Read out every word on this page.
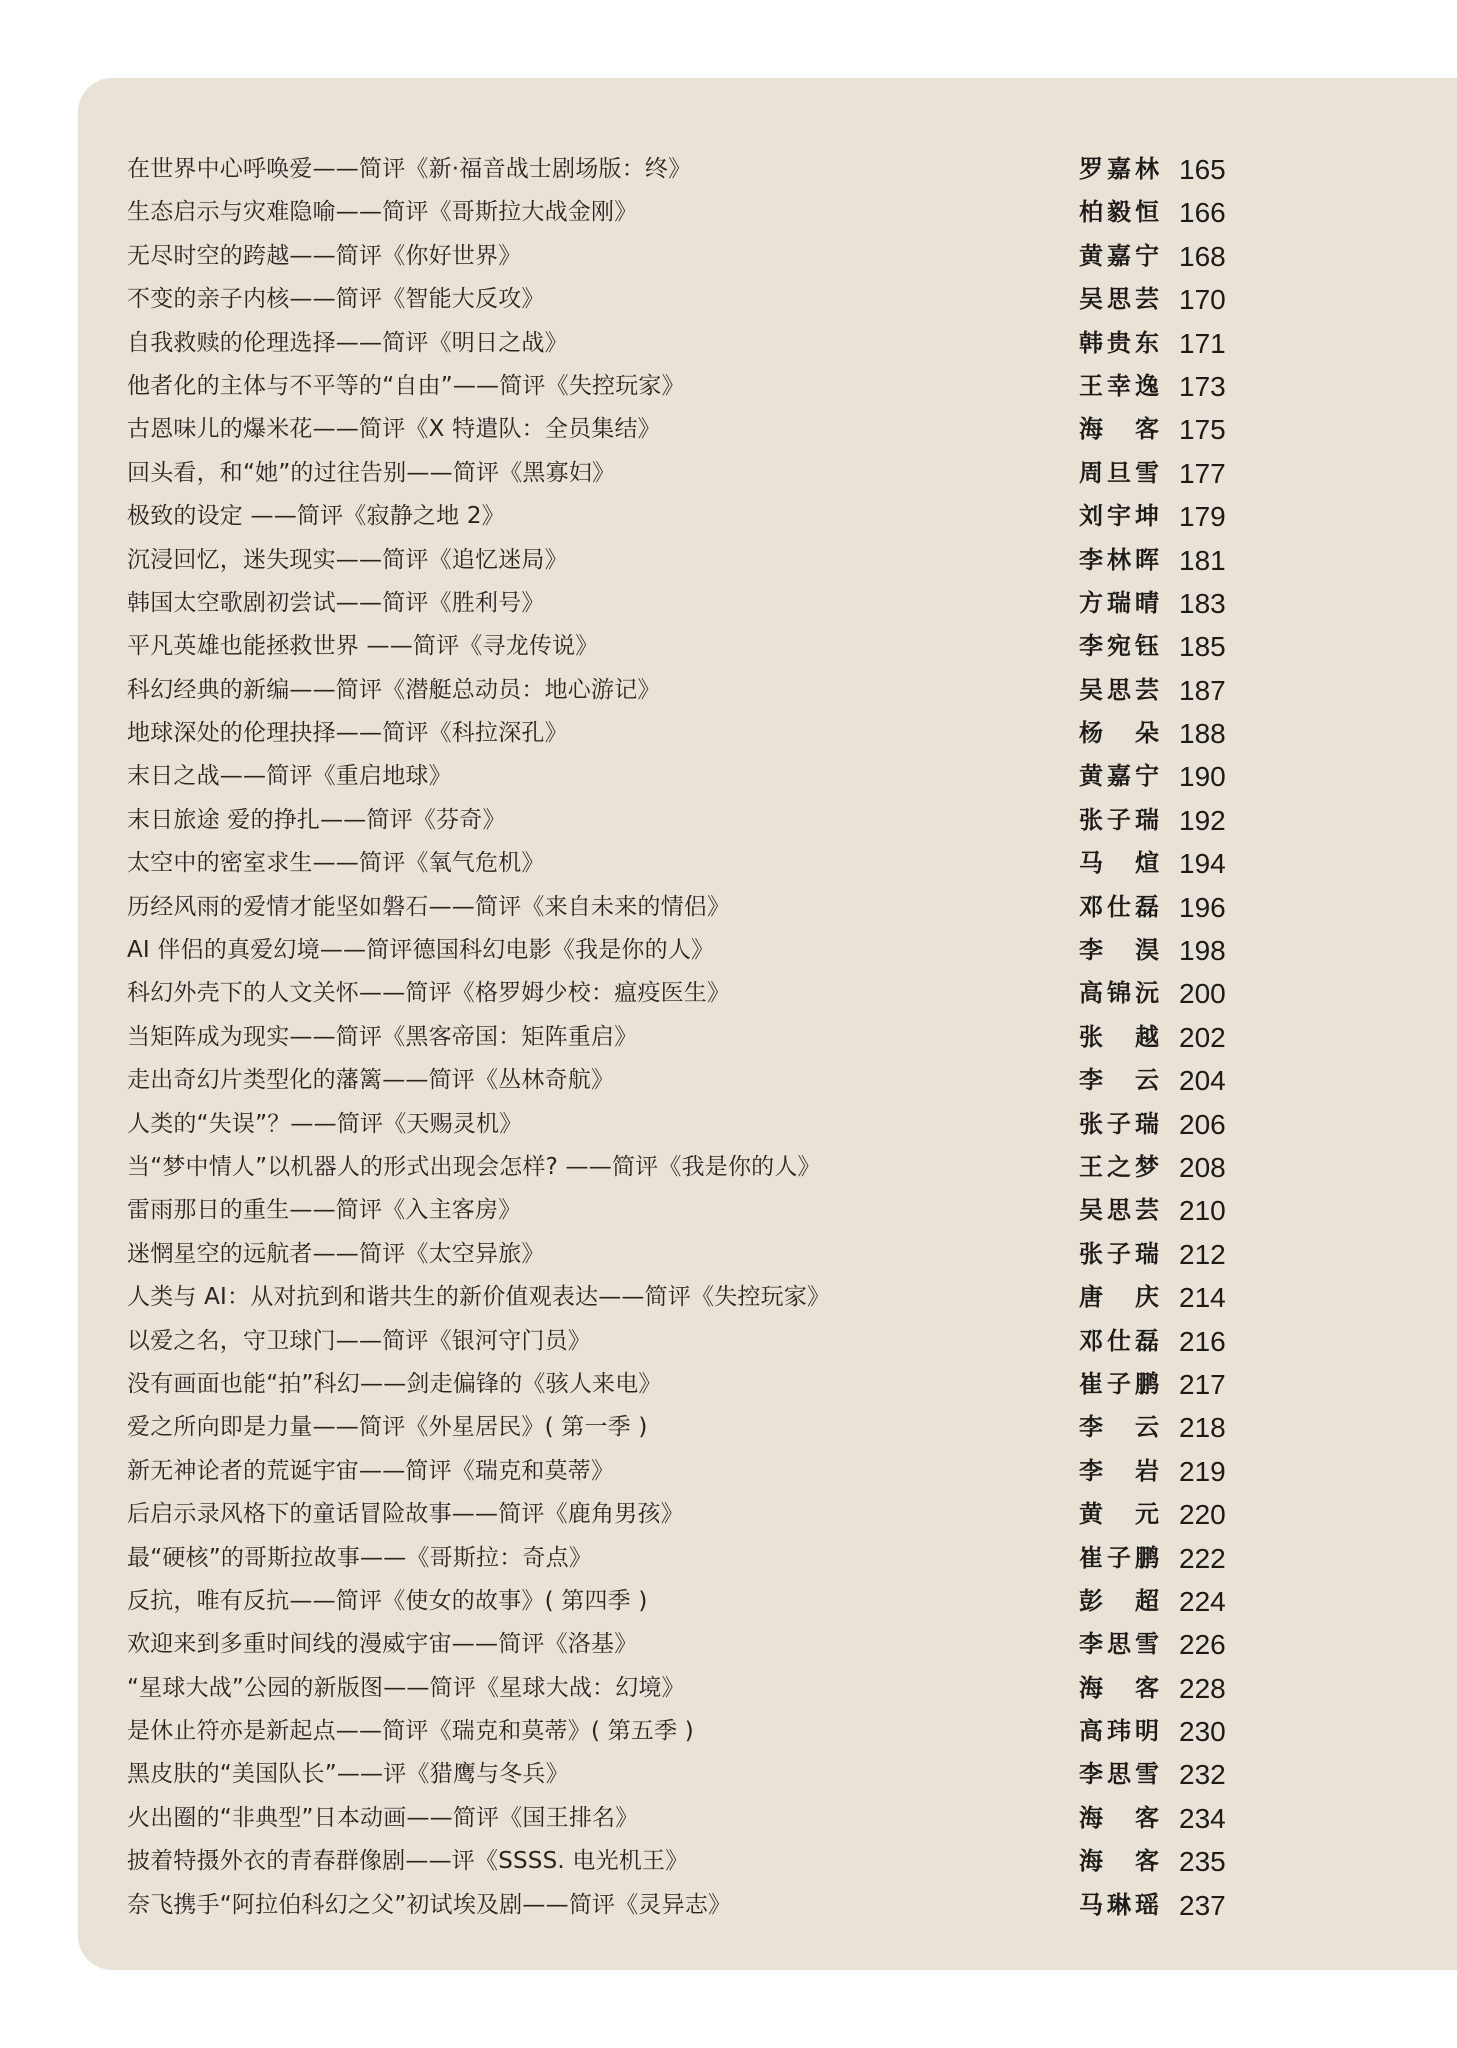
在世界中心呼唤爱——简评《新·福音战士剧场版：终》	罗嘉林 165
生态启示与灾难隐喻——简评《哥斯拉大战金刚》	柏毅恒 166
无尽时空的跨越——简评《你好世界》	黄嘉宁 168
不变的亲子内核——简评《智能大反攻》	吴思芸 170
自我救赎的伦理选择——简评《明日之战》	韩贵东 171
他者化的主体与不平等的“自由”——简评《失控玩家》	王幸逸 173
古恩味儿的爆米花——简评《X 特遣队：全员集结》	海 客 175
回头看，和“她”的过往告别——简评《黑寡妇》	周旦雪 177
极致的设定 ——简评《寂静之地 2》	刘宇坤 179
沉浸回忆，迷失现实——简评《追忆迷局》	李林晖 181
韩国太空歌剧初尝试——简评《胜利号》	方瑞晴 183
平凡英雄也能拯救世界 ——简评《寻龙传说》	李宛钰 185
科幻经典的新编——简评《潜艇总动员：地心游记》	吴思芸 187
地球深处的伦理抉择——简评《科拉深孔》	杨 朵 188
末日之战——简评《重启地球》	黄嘉宁 190
末日旅途 爱的挣扎——简评《芬奇》	张子瑞 192
太空中的密室求生——简评《氧气危机》	马 煊 194
历经风雨的爱情才能坚如磐石——简评《来自未来的情侣》	邓仕磊 196
AI 伴侣的真爱幻境——简评德国科幻电影《我是你的人》	李 淏 198
科幻外壳下的人文关怀——简评《格罗姆少校：瘟疫医生》	高锦沅 200
当矩阵成为现实——简评《黑客帝国：矩阵重启》	张 越 202
走出奇幻片类型化的藩篱——简评《丛林奇航》	李 云 204
人类的“失误”？——简评《天赐灵机》	张子瑞 206
当“梦中情人”以机器人的形式出现会怎样? ——简评《我是你的人》	王之梦 208
雷雨那日的重生——简评《入主客房》	吴思芸 210
迷惘星空的远航者——简评《太空异旅》	张子瑞 212
人类与 AI：从对抗到和谐共生的新价值观表达——简评《失控玩家》	唐 庆 214
以爱之名，守卫球门——简评《银河守门员》	邓仕磊 216
没有画面也能“拍”科幻——剑走偏锋的《骇人来电》	崔子鹏 217
爱之所向即是力量——简评《外星居民》( 第一季 )	李 云 218
新无神论者的荒诞宇宙——简评《瑞克和莫蒂》	李 岩 219
后启示录风格下的童话冒险故事——简评《鹿角男孩》	黄 元 220
最“硬核”的哥斯拉故事——《哥斯拉：奇点》	崔子鹏 222
反抗，唯有反抗——简评《使女的故事》( 第四季 )	彭 超 224
欢迎来到多重时间线的漫威宇宙——简评《洛基》	李思雪 226
“星球大战”公园的新版图——简评《星球大战：幻境》	海 客 228
是休止符亦是新起点——简评《瑞克和莫蒂》( 第五季 )	高玮明 230
黑皮肤的“美国队长”——评《猎鹰与冬兵》	李思雪 232
火出圈的“非典型”日本动画——简评《国王排名》	海 客 234
披着特摄外衣的青春群像剧——评《SSSS. 电光机王》	海 客 235
奈飞携手“阿拉伯科幻之父”初试埃及剧——简评《灵异志》	马琳瑶 237
